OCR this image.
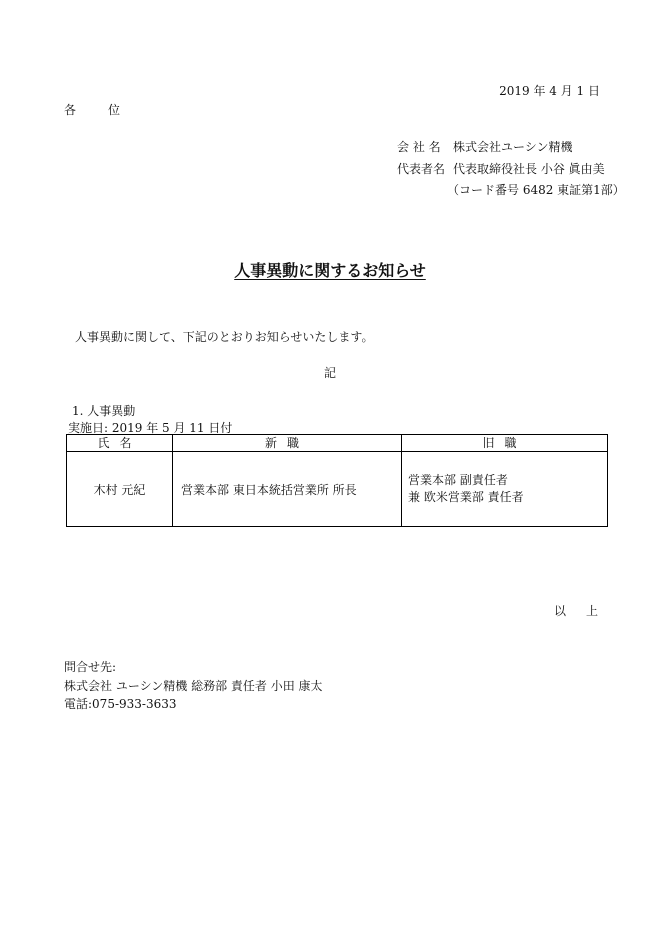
2019 年 4 月 1 日
各	位
会 社 名 株式会社ユーシン精機
代表者名 代表取締役社長 小谷 眞由美
（コード番号 6482 東証第1部）
人事異動に関するお知らせ
人事異動に関して、下記のとおりお知らせいたします。
記
1. 人事異動
実施日: 2019 年 5 月 11 日付
氏名	新職	旧職
木村 元紀	営業本部 東日本統括営業所 所長	営業本部 副責任者
兼 欧米営業部 責任者
以 上
問合せ先:
株式会社 ユーシン精機 総務部 責任者 小田 康太
電話:075-933-3633
